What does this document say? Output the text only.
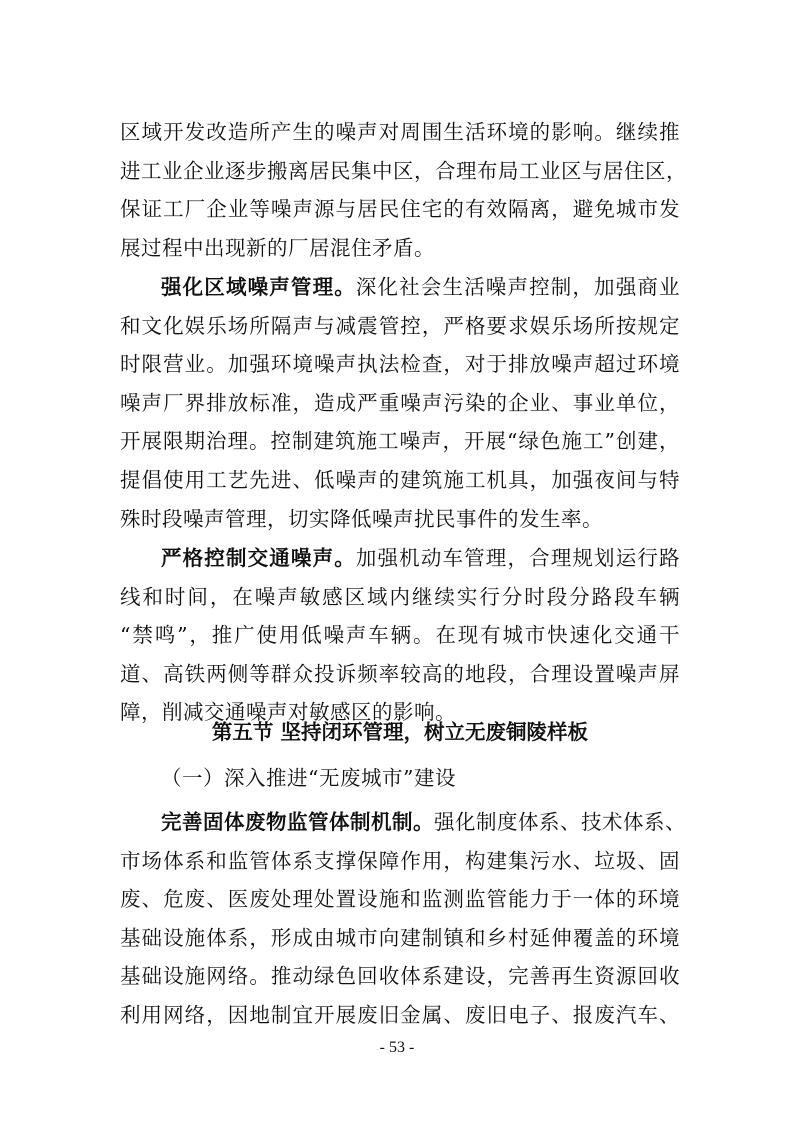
区域开发改造所产生的噪声对周围生活环境的影响。继续推
进工业企业逐步搬离居民集中区，合理布局工业区与居住区，
保证工厂企业等噪声源与居民住宅的有效隔离，避免城市发
展过程中出现新的厂居混住矛盾。
强化区域噪声管理。深化社会生活噪声控制，加强商业
和文化娱乐场所隔声与减震管控，严格要求娱乐场所按规定
时限营业。加强环境噪声执法检查，对于排放噪声超过环境
噪声厂界排放标准，造成严重噪声污染的企业、事业单位，
开展限期治理。控制建筑施工噪声，开展“绿色施工”创建，
提倡使用工艺先进、低噪声的建筑施工机具，加强夜间与特
殊时段噪声管理，切实降低噪声扰民事件的发生率。
严格控制交通噪声。加强机动车管理，合理规划运行路
线和时间，在噪声敏感区域内继续实行分时段分路段车辆
“禁鸣”，推广使用低噪声车辆。在现有城市快速化交通干
道、高铁两侧等群众投诉频率较高的地段，合理设置噪声屏
障，削减交通噪声对敏感区的影响。

第五节 坚持闭环管理，树立无废铜陵样板

（一）深入推进“无废城市”建设

完善固体废物监管体制机制。强化制度体系、技术体系、
市场体系和监管体系支撑保障作用，构建集污水、垃圾、固
废、危废、医废处理处置设施和监测监管能力于一体的环境
基础设施体系，形成由城市向建制镇和乡村延伸覆盖的环境
基础设施网络。推动绿色回收体系建设，完善再生资源回收
利用网络，因地制宜开展废旧金属、废旧电子、报废汽车、

- 53 -
